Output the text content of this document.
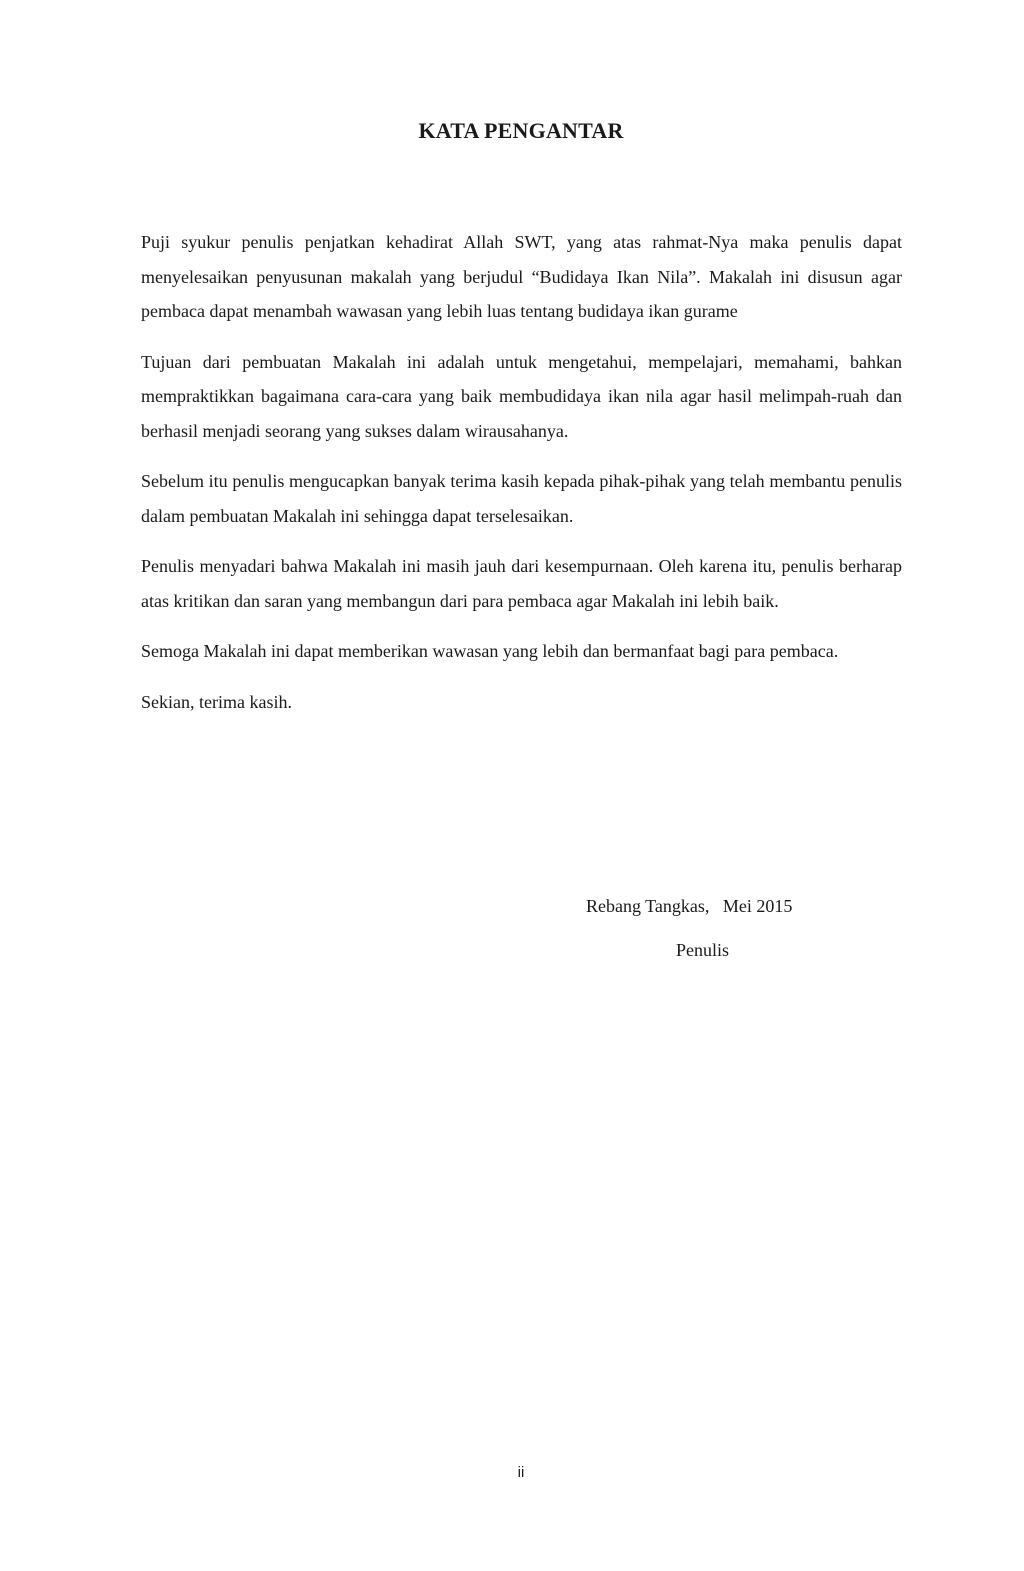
KATA PENGANTAR

Puji syukur penulis penjatkan kehadirat Allah SWT, yang atas rahmat-Nya maka penulis dapat menyelesaikan penyusunan makalah yang berjudul “Budidaya Ikan Nila”. Makalah ini disusun agar pembaca dapat menambah wawasan yang lebih luas tentang budidaya ikan gurame

Tujuan dari pembuatan Makalah ini adalah untuk mengetahui, mempelajari, memahami, bahkan mempraktikkan bagaimana cara-cara yang baik membudidaya ikan nila agar hasil melimpah-ruah dan berhasil menjadi seorang yang sukses dalam wirausahanya.

Sebelum itu penulis mengucapkan banyak terima kasih kepada pihak-pihak yang telah membantu penulis dalam pembuatan Makalah ini sehingga dapat terselesaikan.

Penulis menyadari bahwa Makalah ini masih jauh dari kesempurnaan. Oleh karena itu, penulis berharap atas kritikan dan saran yang membangun dari para pembaca agar Makalah ini lebih baik.

Semoga Makalah ini dapat memberikan wawasan yang lebih dan bermanfaat bagi para pembaca.

Sekian, terima kasih.

Rebang Tangkas,   Mei 2015
Penulis
ii
